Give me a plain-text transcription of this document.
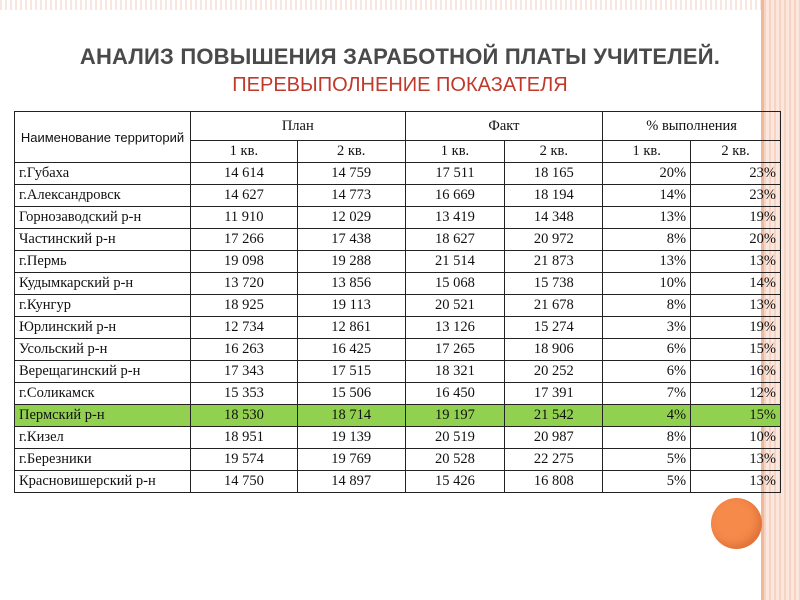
АНАЛИЗ ПОВЫШЕНИЯ ЗАРАБОТНОЙ ПЛАТЫ УЧИТЕЛЕЙ.
ПЕРЕВЫПОЛНЕНИЕ ПОКАЗАТЕЛЯ
Наименование территорий	План		Факт		% выполнения	
	1 кв.	2 кв.	1 кв.	2 кв.	1 кв.	2 кв.
г.Губаха	14 614	14 759	17 511	18 165	20%	23%
г.Александровск	14 627	14 773	16 669	18 194	14%	23%
Горнозаводский р-н	11 910	12 029	13 419	14 348	13%	19%
Частинский р-н	17 266	17 438	18 627	20 972	8%	20%
г.Пермь	19 098	19 288	21 514	21 873	13%	13%
Кудымкарский р-н	13 720	13 856	15 068	15 738	10%	14%
г.Кунгур	18 925	19 113	20 521	21 678	8%	13%
Юрлинский р-н	12 734	12 861	13 126	15 274	3%	19%
Усольский р-н	16 263	16 425	17 265	18 906	6%	15%
Верещагинский р-н	17 343	17 515	18 321	20 252	6%	16%
г.Соликамск	15 353	15 506	16 450	17 391	7%	12%
Пермский р-н	18 530	18 714	19 197	21 542	4%	15%
г.Кизел	18 951	19 139	20 519	20 987	8%	10%
г.Березники	19 574	19 769	20 528	22 275	5%	13%
Красновишерский р-н	14 750	14 897	15 426	16 808	5%	13%
